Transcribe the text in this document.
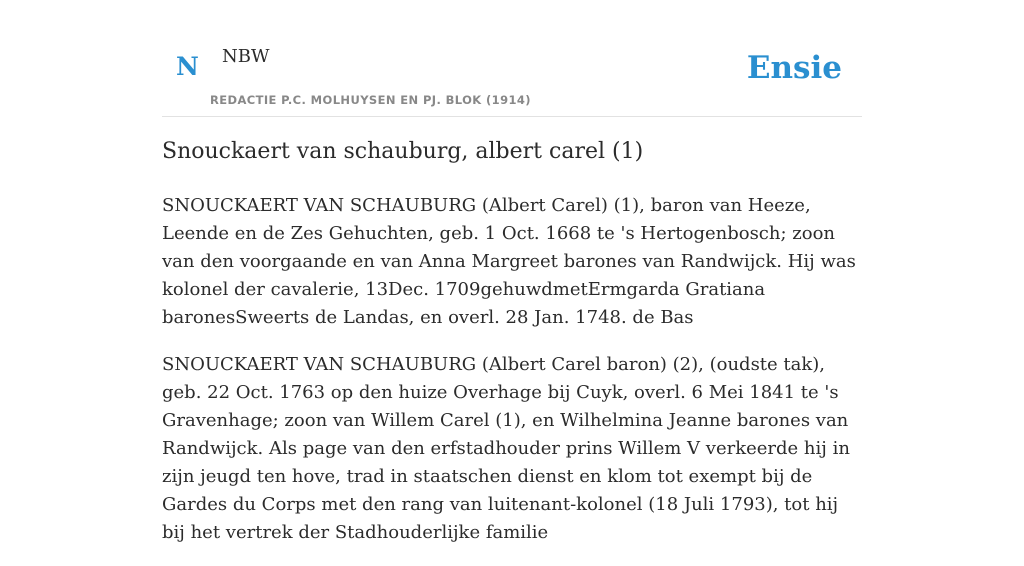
N NBW
REDACTIE P.C. MOLHUYSEN EN PJ. BLOK (1914)
Ensie
Snouckaert van schauburg, albert carel (1)

SNOUCKAERT VAN SCHAUBURG (Albert Carel) (1), baron van Heeze, Leende en de Zes Gehuchten, geb. 1 Oct. 1668 te 's Hertogenbosch; zoon van den voorgaande en van Anna Margreet barones van Randwijck. Hij was kolonel der cavalerie, 13Dec. 1709gehuwdmetErmgarda Gratiana baronesSweerts de Landas, en overl. 28 Jan. 1748. de Bas

SNOUCKAERT VAN SCHAUBURG (Albert Carel baron) (2), (oudste tak), geb. 22 Oct. 1763 op den huize Overhage bij Cuyk, overl. 6 Mei 1841 te 's Gravenhage; zoon van Willem Carel (1), en Wilhelmina Jeanne barones van Randwijck. Als page van den erfstadhouder prins Willem V verkeerde hij in zijn jeugd ten hove, trad in staatschen dienst en klom tot exempt bij de Gardes du Corps met den rang van luitenant-kolonel (18 Juli 1793), tot hij bij het vertrek der Stadhouderlijke familie
